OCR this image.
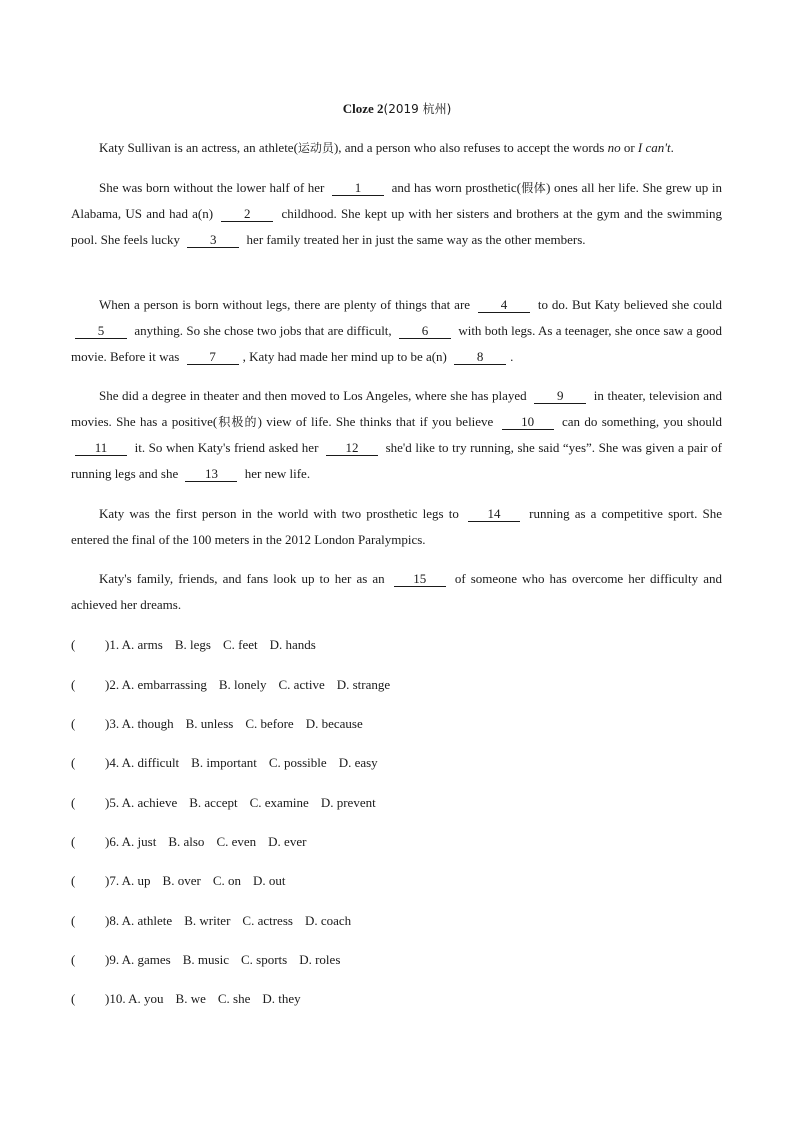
Cloze 2(2019 杭州)
Katy Sullivan is an actress, an athlete(运动员), and a person who also refuses to accept the words no or I can't.
She was born without the lower half of her 1 and has worn prosthetic(假体) ones all her life. She grew up in Alabama, US and had a(n) 2 childhood. She kept up with her sisters and brothers at the gym and the swimming pool. She feels lucky 3 her family treated her in just the same way as the other members.
When a person is born without legs, there are plenty of things that are 4 to do. But Katy believed she could 5 anything. So she chose two jobs that are difficult, 6 with both legs. As a teenager, she once saw a good movie. Before it was 7 , Katy had made her mind up to be a(n) 8 .
She did a degree in theater and then moved to Los Angeles, where she has played 9 in theater, television and movies. She has a positive(积极的) view of life. She thinks that if you believe 10 can do something, you should 11 it. So when Katy's friend asked her 12 she'd like to try running, she said “yes”. She was given a pair of running legs and she 13 her new life.
Katy was the first person in the world with two prosthetic legs to 14 running as a competitive sport. She entered the final of the 100 meters in the 2012 London Paralympics.
Katy's family, friends, and fans look up to her as an 15 of someone who has overcome her difficulty and achieved her dreams.
( )1. A. arms B. legs C. feet D. hands
( )2. A. embarrassing B. lonely C. active D. strange
( )3. A. though B. unless C. before D. because
( )4. A. difficult B. important C. possible D. easy
( )5. A. achieve B. accept C. examine D. prevent
( )6. A. just B. also C. even D. ever
( )7. A. up B. over C. on D. out
( )8. A. athlete B. writer C. actress D. coach
( )9. A. games B. music C. sports D. roles
( )10. A. you B. we C. she D. they
